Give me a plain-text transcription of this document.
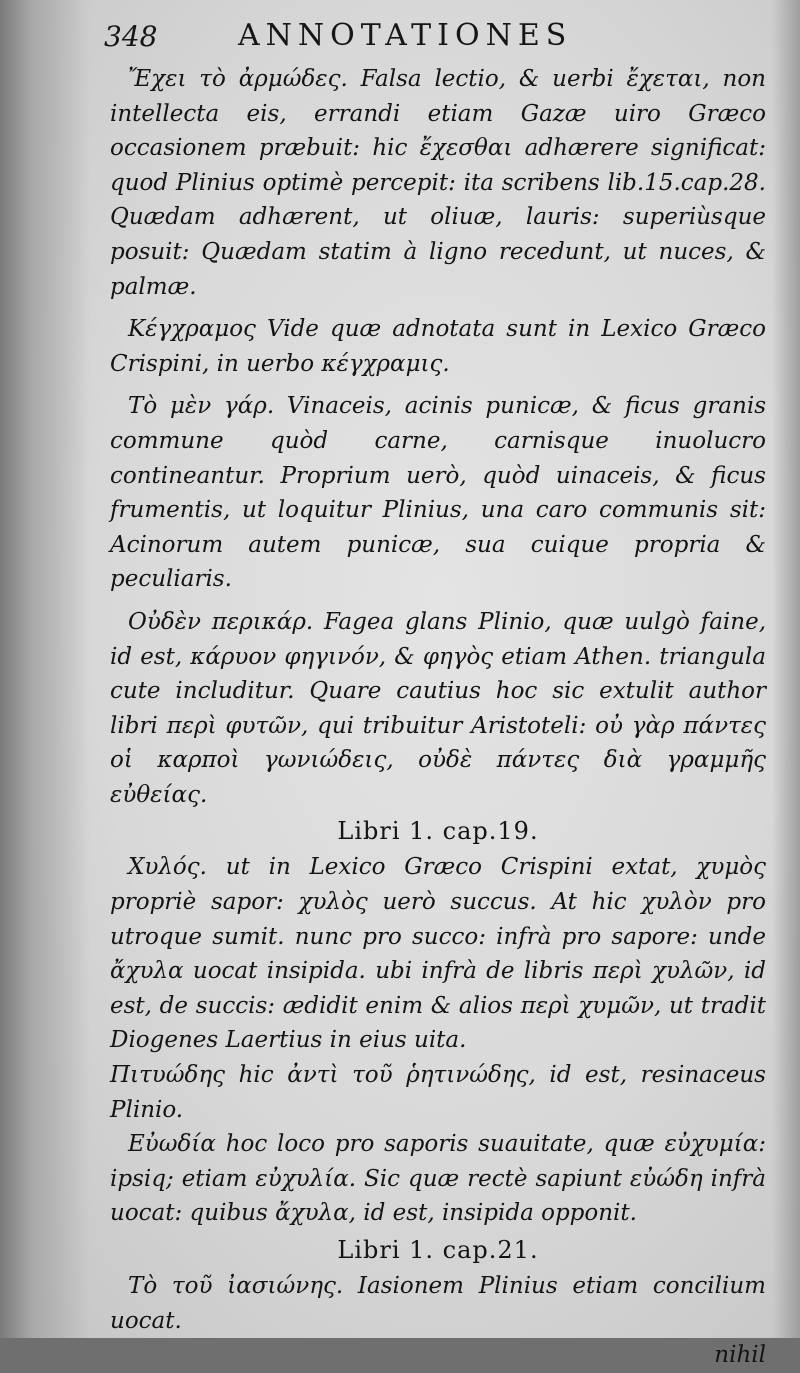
348	ANNOTATIONES

Ἔχει τὸ ἀρμώδες. Falsa lectio, & uerbi ἔχεται, non intellecta eis, errandi etiam Gazæ uiro Græco occasionem præbuit: hic ἔχεσθαι adhærere significat: quod Plinius optimè percepit: ita scribens lib.15.cap.28. Quædam adhærent, ut oliuæ, lauris: superiùsque posuit: Quædam statim à ligno recedunt, ut nuces, & palmæ.

Κέγχραμος Vide quæ adnotata sunt in Lexico Græco Crispini, in uerbo κέγχραμις.

Τὸ μὲν γάρ. Vinaceis, acinis punicæ, & ficus granis commune quòd carne, carnisque inuolucro contineantur. Proprium uerò, quòd uinaceis, & ficus frumentis, ut loquitur Plinius, una caro communis sit: Acinorum autem punicæ, sua cuique propria & peculiaris.

Οὐδὲν περικάρ. Fagea glans Plinio, quæ uulgò faine, id est, κάρυον φηγινόν, & φηγὸς etiam Athen. triangula cute includitur. Quare cautius hoc sic extulit author libri περὶ φυτῶν, qui tribuitur Aristoteli: οὐ γὰρ πάντες οἱ καρποὶ γωνιώδεις, οὐδὲ πάντες διὰ γραμμῆς εὐθείας.

Libri 1. cap.19.

Χυλός. ut in Lexico Græco Crispini extat, χυμὸς propriè sapor: χυλὸς uerò succus. At hic χυλὸν pro utroque sumit. nunc pro succo: infrà pro sapore: unde ἄχυλα uocat insipida. ubi infrà de libris περὶ χυλῶν, id est, de succis: ædidit enim & alios περὶ χυμῶν, ut tradit Diogenes Laertius in eius uita.

Πιτυώδης hic ἀντὶ τοῦ ῥητινώδης, id est, resinaceus Plinio.

Εὐωδία hoc loco pro saporis suauitate, quæ εὐχυμία: ipsiq; etiam εὐχυλία. Sic quæ rectè sapiunt εὐώδη infrà uocat: quibus ἄχυλα, id est, insipida opponit.

Libri 1. cap.21.

Τὸ τοῦ ἰασιώνης. Iasionem Plinius etiam concilium uocat.

nihil
